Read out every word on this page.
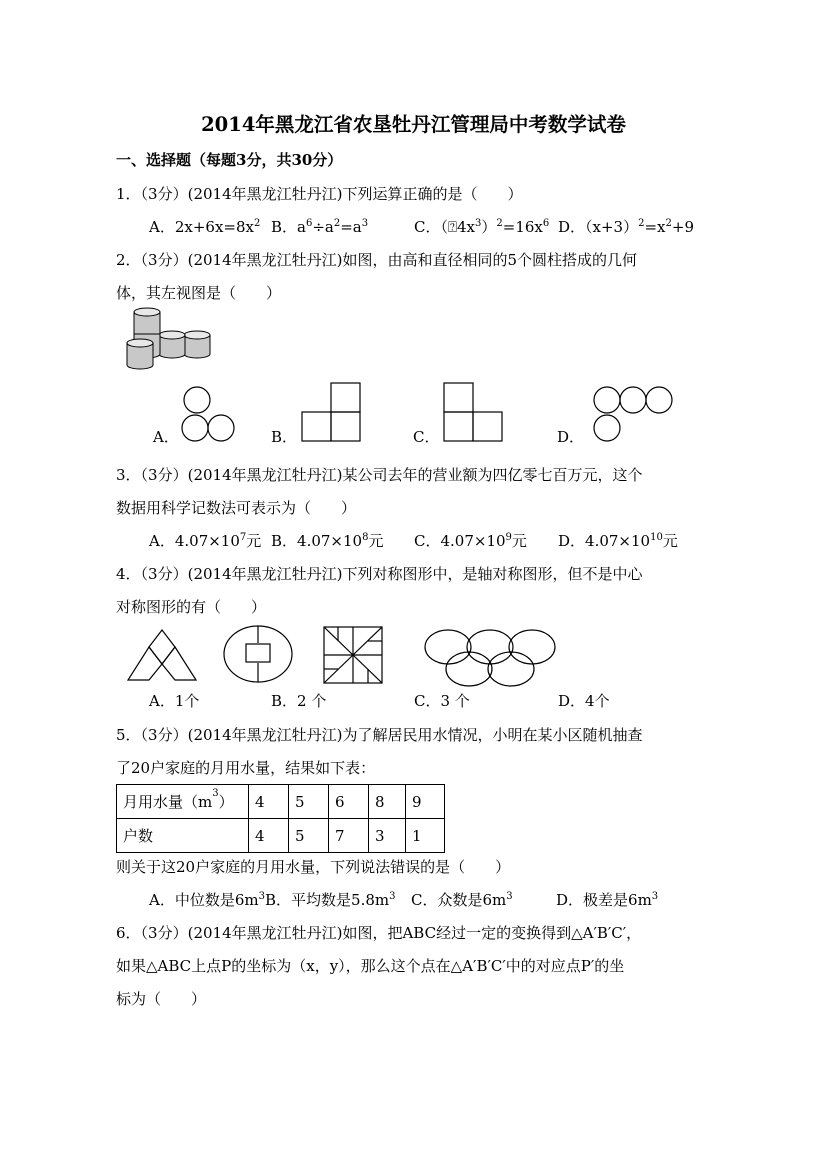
2014年黑龙江省农垦牡丹江管理局中考数学试卷
一、选择题（每题3分，共30分）
1．（3分）(2014年黑龙江牡丹江)下列运算正确的是（　　）
A．$2x+6x=8x^2$ B．$a^6\div a^2=a^3$	C．$(⍰4x^3)^2=16x^6$ D．$(x+3)^2=x^2+9$
2．（3分）(2014年黑龙江牡丹江)如图，由高和直径相同的5个圆柱搭成的几何
体，其左视图是（　　）
A．	B．	C．	D．
3．（3分）(2014年黑龙江牡丹江)某公司去年的营业额为四亿零七百万元，这个
数据用科学记数法可表示为（　　）
A．$4.07\times 10^7$元 B．$4.07\times 10^8$元 C．$4.07\times 10^9$元 D．$4.07\times 10^{10}$元
4．（3分）(2014年黑龙江牡丹江)下列对称图形中，是轴对称图形，但不是中心
对称图形的有（　　）
A．1个	B．2 个	C．3 个	D．4个
5．（3分）(2014年黑龙江牡丹江)为了解居民用水情况，小明在某小区随机抽查
了20户家庭的月用水量，结果如下表：
月用水量$(m^3)$	4	5	6	8	9
户数	4	5	7	3	1
则关于这20户家庭的月用水量，下列说法错误的是（　　）
A．中位数是$6m^3$ B．平均数是$5.8m^3$ C．众数是$6m^3$	D．极差是$6m^3$
6．（3分）(2014年黑龙江牡丹江)如图，把ABC经过一定的变换得到△A′B′C′，
如果△ABC上点P的坐标为（x，y），那么这个点在△A′B′C′中的对应点P′的坐
标为（　　）
